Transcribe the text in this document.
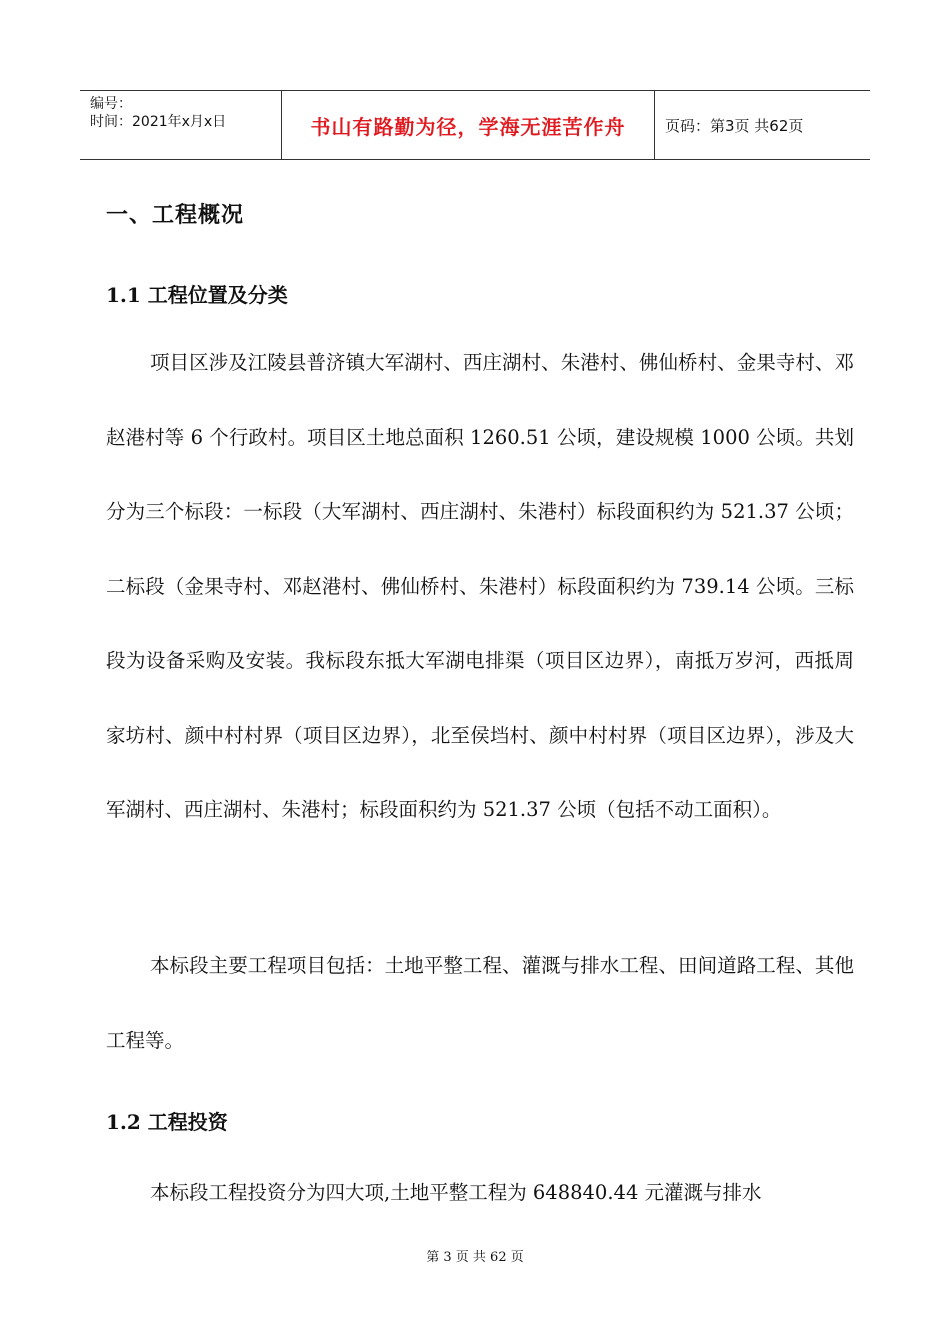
编号：
时间：2021年x月x日	书山有路勤为径，学海无涯苦作舟	页码：第3页 共62页
一、工程概况
1.1 工程位置及分类

项目区涉及江陵县普济镇大军湖村、西庄湖村、朱港村、佛仙桥村、金果寺村、邓赵港村等 6 个行政村。项目区土地总面积 1260.51 公顷，建设规模 1000 公顷。共划分为三个标段：一标段（大军湖村、西庄湖村、朱港村）标段面积约为 521.37 公顷；二标段（金果寺村、邓赵港村、佛仙桥村、朱港村）标段面积约为 739.14 公顷。三标段为设备采购及安装。我标段东抵大军湖电排渠（项目区边界），南抵万岁河，西抵周家坊村、颜中村村界（项目区边界），北至侯垱村、颜中村村界（项目区边界），涉及大军湖村、西庄湖村、朱港村；标段面积约为 521.37 公顷（包括不动工面积）。

本标段主要工程项目包括：土地平整工程、灌溉与排水工程、田间道路工程、其他工程等。

1.2 工程投资

本标段工程投资分为四大项,土地平整工程为 648840.44 元灌溉与排水

第 3 页 共 62 页
